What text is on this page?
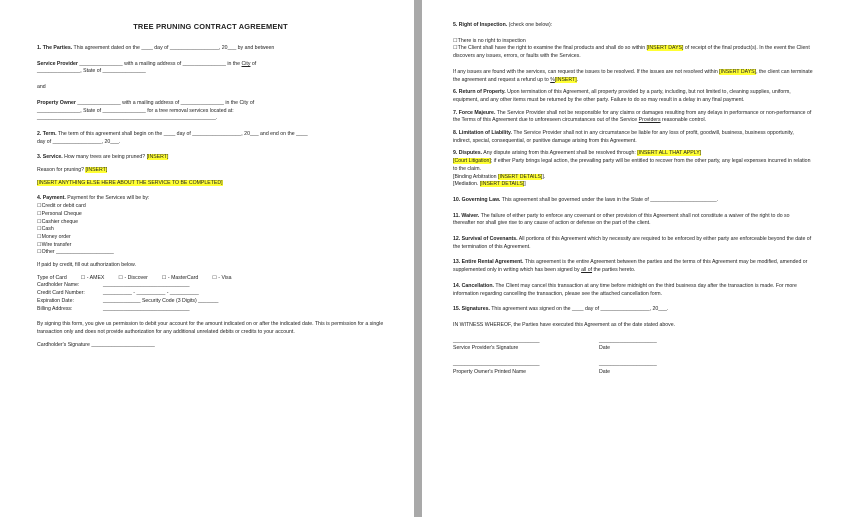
TREE PRUNING CONTRACT AGREEMENT

1. The Parties. This agreement dated on the ____ day of _________________, 20___ by and between

Service Provider _______________ with a mailing address of _______________ in the City of

_______________, State of _______________

and

Property Owner _______________ with a mailing address of _______________ in the City of

_______________, State of _______________ for a tree removal services located at:

______________________________________________________________.

2. Term. The term of this agreement shall begin on the ____ day of _________________, 20___ and end on the ____

day of _________________, 20___.

3. Service. How many trees are being pruned? [INSERT]

Reason for pruning? [INSERT]

[INSERT ANYTHING ELSE HERE ABOUT THE SERVICE TO BE COMPLETED]

4. Payment. Payment for the Services will be by:

☐Credit or debit card

☐Personal Cheque

☐Cashier cheque

☐Cash

☐Money order

☐Wire transfer

☐Other ____________________

If paid by credit, fill out authorization below.

Type of Card	☐ - AMEX	☐ - Discover	☐ - MasterCard	☐ - Visa

Cardholder Name:	______________________________

Credit Card Number:	__________ - __________ - __________

Expiration Date:	_____________ Security Code (3 Digits) _______

Billing Address:	______________________________

By signing this form, you give us permission to debit your account for the amount indicated on or after the indicated date. This is permission for a single transaction only and does not provide authorization for any additional unrelated debits or credits to your account.

Cardholder's Signature ______________________

5. Right of Inspection. (check one below):

☐There is no right to inspection

☐The Client shall have the right to examine the final products and shall do so within [INSERT DAYS] of receipt of the final product(s). In the event the Client discovers any issues, errors, or faults with the Services.

If any issues are found with the services, can request the issues to be resolved. If the issues are not resolved within [INSERT DAYS], the client can terminate the agreement and request a refund up to %[INSERT].

6. Return of Property. Upon termination of this Agreement, all property provided by a party, including, but not limited to, cleaning supplies, uniform, equipment, and any other items must be returned by the other party. Failure to do so may result in a delay in any final payment.

7. Force Majeure. The Service Provider shall not be responsible for any claims or damages resulting from any delays in performance or non-performance of the Terms of this Agreement due to unforeseen circumstances out of the Service Providers reasonable control.

8. Limitation of Liability. The Service Provider shall not in any circumstance be liable for any loss of profit, goodwill, business, business opportunity, indirect, special, consequential, or punitive damage arising from this Agreement.

9. Disputes. Any dispute arising from this Agreement shall be resolved through: [INSERT ALL THAT APPLY]

[Court Litigation]; if either Party brings legal action, the prevailing party will be entitled to recover from the other party, any legal expenses incurred in relation to the claim.

[Binding Arbitration [INSERT DETAILS]].

[Mediation. [INSERT DETAILS]]

10. Governing Law. This agreement shall be governed under the laws in the State of _______________________.

11. Waiver. The failure of either party to enforce any covenant or other provision of this Agreement shall not constitute a waiver of the right to do so thereafter nor shall give rise to any cause of action or defense on the part of the client.

12. Survival of Covenants. All portions of this Agreement which by necessity are required to be enforced by either party are enforceable beyond the date of the termination of this Agreement.

13. Entire Rental Agreement. This agreement is the entire Agreement between the parties and the terms of this Agreement may be modified, amended or supplemented only in writing which has been signed by all of the parties hereto.

14. Cancellation. The Client may cancel this transaction at any time before midnight on the third business day after the transaction is made. For more information regarding cancelling the transaction, please see the attached cancellation form.

15. Signatures. This agreement was signed on the ____ day of _________________, 20___.

IN WITNESS WHEREOF, the Parties have executed this Agreement as of the date stated above.

______________________________	____________________

Service Provider's Signature	Date

______________________________	____________________

Property Owner's Printed Name	Date
